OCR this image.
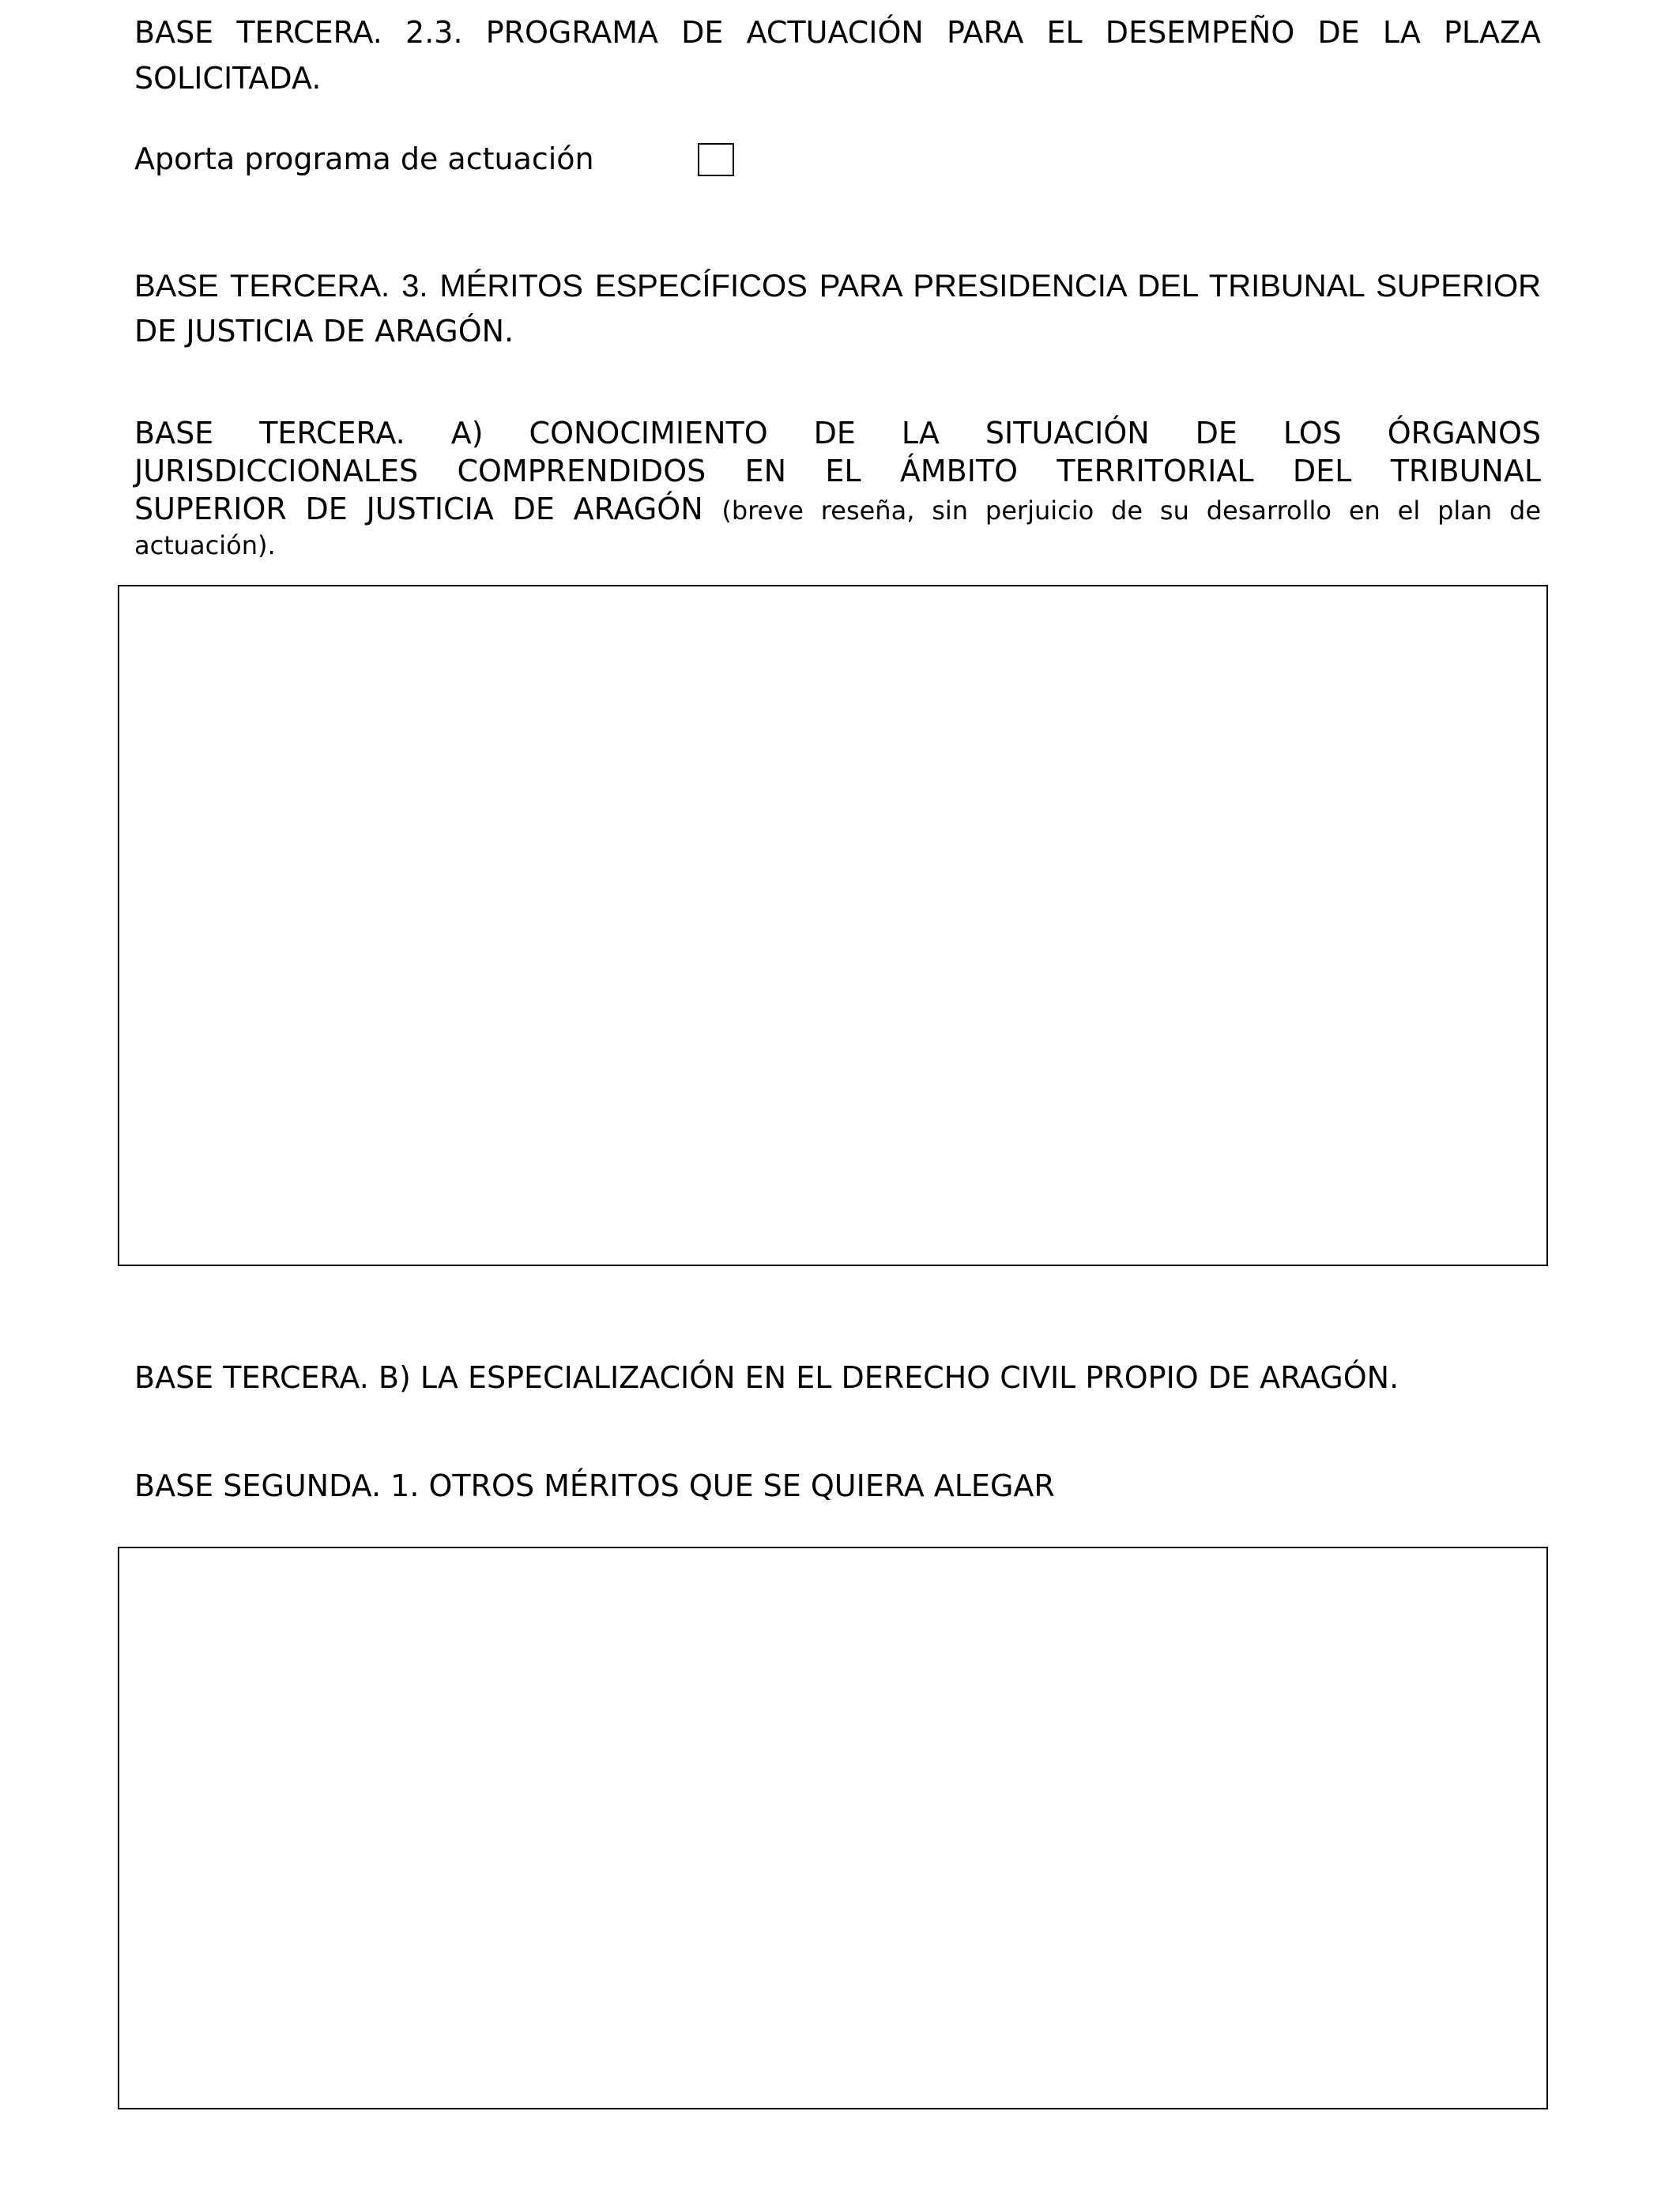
BASE TERCERA. 2.3. PROGRAMA DE ACTUACIÓN PARA EL DESEMPEÑO DE LA PLAZA
SOLICITADA.
Aporta programa de actuación
BASE TERCERA. 3. MÉRITOS ESPECÍFICOS PARA PRESIDENCIA DEL TRIBUNAL SUPERIOR
DE JUSTICIA DE ARAGÓN.
BASE TERCERA. A) CONOCIMIENTO DE LA SITUACIÓN DE LOS ÓRGANOS
JURISDICCIONALES COMPRENDIDOS EN EL ÁMBITO TERRITORIAL DEL TRIBUNAL
SUPERIOR DE JUSTICIA DE ARAGÓN (breve reseña, sin perjuicio de su desarrollo en el plan de
actuación).
BASE TERCERA. B) LA ESPECIALIZACIÓN EN EL DERECHO CIVIL PROPIO DE ARAGÓN.
BASE SEGUNDA. 1. OTROS MÉRITOS QUE SE QUIERA ALEGAR
